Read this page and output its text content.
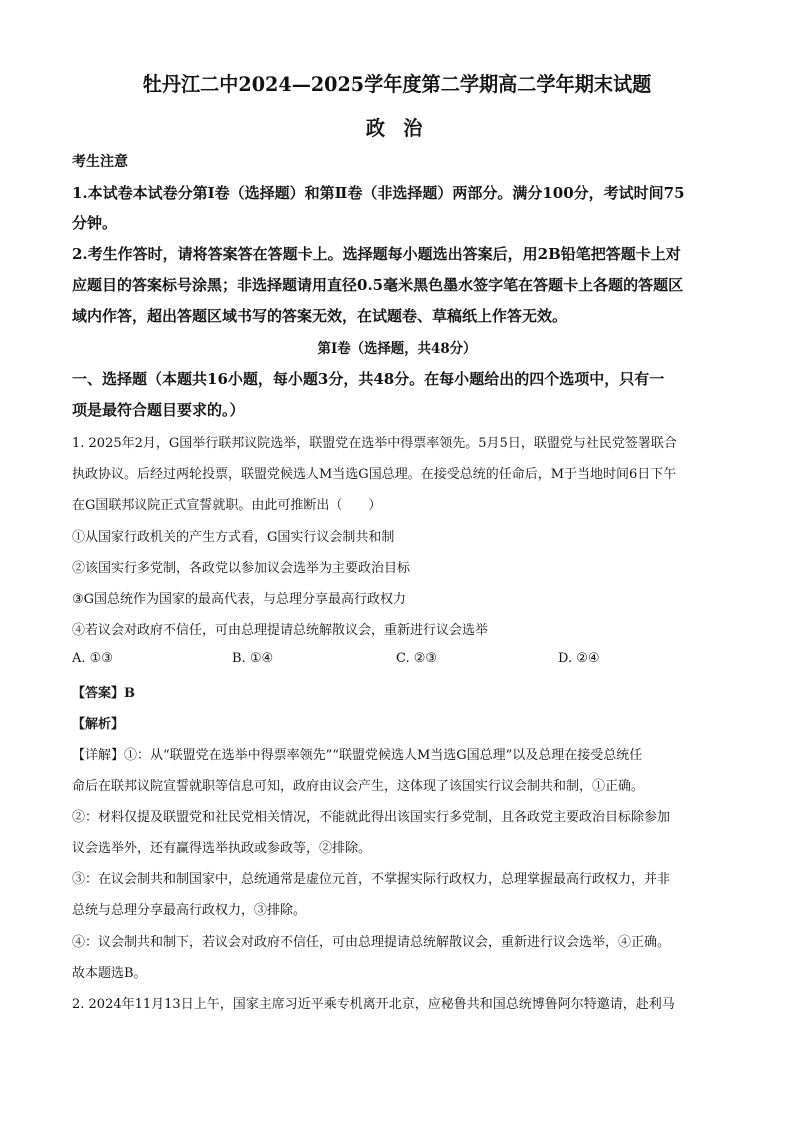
牡丹江二中2024—2025学年度第二学期高二学年期末试题
政 治
考生注意
1.本试卷本试卷分第Ⅰ卷（选择题）和第Ⅱ卷（非选择题）两部分。满分100分，考试时间75
分钟。
2.考生作答时，请将答案答在答题卡上。选择题每小题选出答案后，用2B铅笔把答题卡上对
应题目的答案标号涂黑；非选择题请用直径0.5毫米黑色墨水签字笔在答题卡上各题的答题区
域内作答，超出答题区域书写的答案无效，在试题卷、草稿纸上作答无效。
第Ⅰ卷（选择题，共48分）
一、选择题（本题共16小题，每小题3分，共48分。在每小题给出的四个选项中，只有一
项是最符合题目要求的。）
1. 2025年2月，G国举行联邦议院选举，联盟党在选举中得票率领先。5月5日，联盟党与社民党签署联合
执政协议。后经过两轮投票，联盟党候选人M当选G国总理。在接受总统的任命后，M于当地时间6日下午
在G国联邦议院正式宣誓就职。由此可推断出（　　）
①从国家行政机关的产生方式看，G国实行议会制共和制
②该国实行多党制，各政党以参加议会选举为主要政治目标
③G国总统作为国家的最高代表，与总理分享最高行政权力
④若议会对政府不信任，可由总理提请总统解散议会，重新进行议会选举
A. ①③	B. ①④	C. ②③	D. ②④
【答案】B
【解析】
【详解】①：从“联盟党在选举中得票率领先”“联盟党候选人M当选G国总理”以及总理在接受总统任
命后在联邦议院宣誓就职等信息可知，政府由议会产生，这体现了该国实行议会制共和制，①正确。
②：材料仅提及联盟党和社民党相关情况，不能就此得出该国实行多党制，且各政党主要政治目标除参加
议会选举外，还有赢得选举执政或参政等，②排除。
③：在议会制共和制国家中，总统通常是虚位元首，不掌握实际行政权力，总理掌握最高行政权力，并非
总统与总理分享最高行政权力，③排除。
④：议会制共和制下，若议会对政府不信任，可由总理提请总统解散议会，重新进行议会选举，④正确。
故本题选B。
2. 2024年11月13日上午，国家主席习近平乘专机离开北京，应秘鲁共和国总统博鲁阿尔特邀请，赴利马
